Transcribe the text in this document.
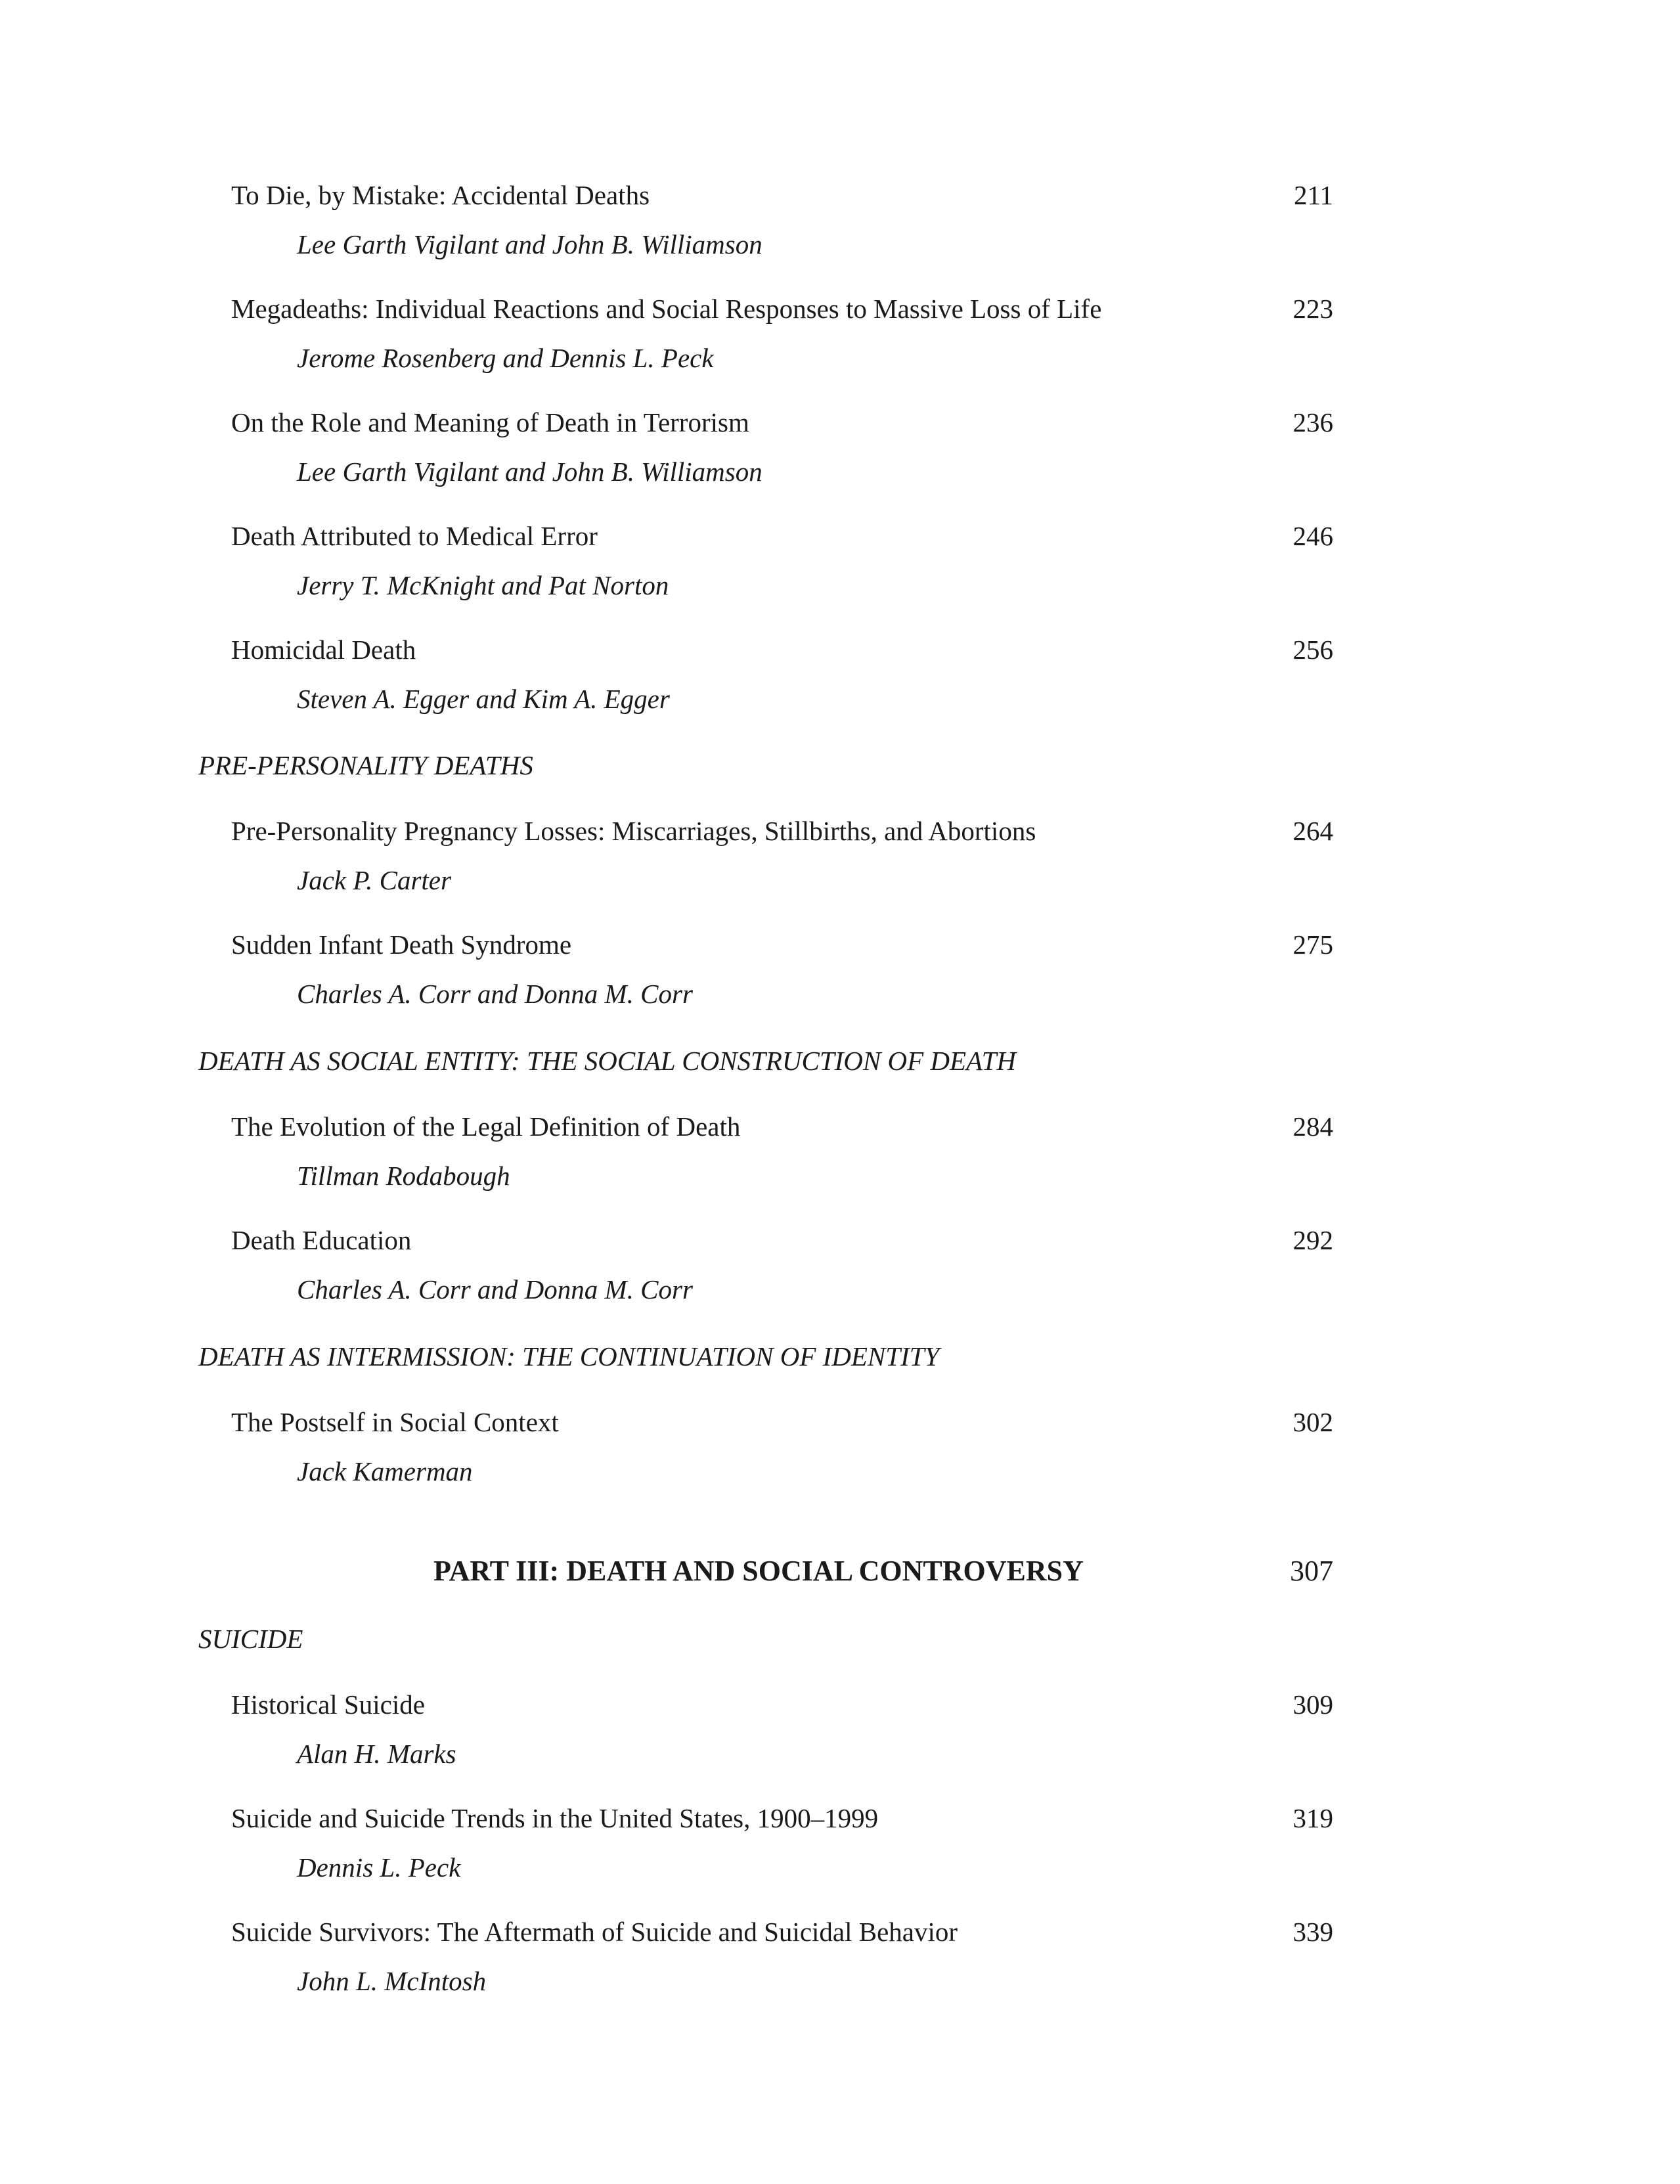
To Die, by Mistake: Accidental Deaths	211
Lee Garth Vigilant and John B. Williamson
Megadeaths: Individual Reactions and Social Responses to Massive Loss of Life	223
Jerome Rosenberg and Dennis L. Peck
On the Role and Meaning of Death in Terrorism	236
Lee Garth Vigilant and John B. Williamson
Death Attributed to Medical Error	246
Jerry T. McKnight and Pat Norton
Homicidal Death	256
Steven A. Egger and Kim A. Egger
PRE-PERSONALITY DEATHS
Pre-Personality Pregnancy Losses: Miscarriages, Stillbirths, and Abortions	264
Jack P. Carter
Sudden Infant Death Syndrome	275
Charles A. Corr and Donna M. Corr
DEATH AS SOCIAL ENTITY: THE SOCIAL CONSTRUCTION OF DEATH
The Evolution of the Legal Definition of Death	284
Tillman Rodabough
Death Education	292
Charles A. Corr and Donna M. Corr
DEATH AS INTERMISSION: THE CONTINUATION OF IDENTITY
The Postself in Social Context	302
Jack Kamerman
PART III: DEATH AND SOCIAL CONTROVERSY	307
SUICIDE
Historical Suicide	309
Alan H. Marks
Suicide and Suicide Trends in the United States, 1900–1999	319
Dennis L. Peck
Suicide Survivors: The Aftermath of Suicide and Suicidal Behavior	339
John L. McIntosh
